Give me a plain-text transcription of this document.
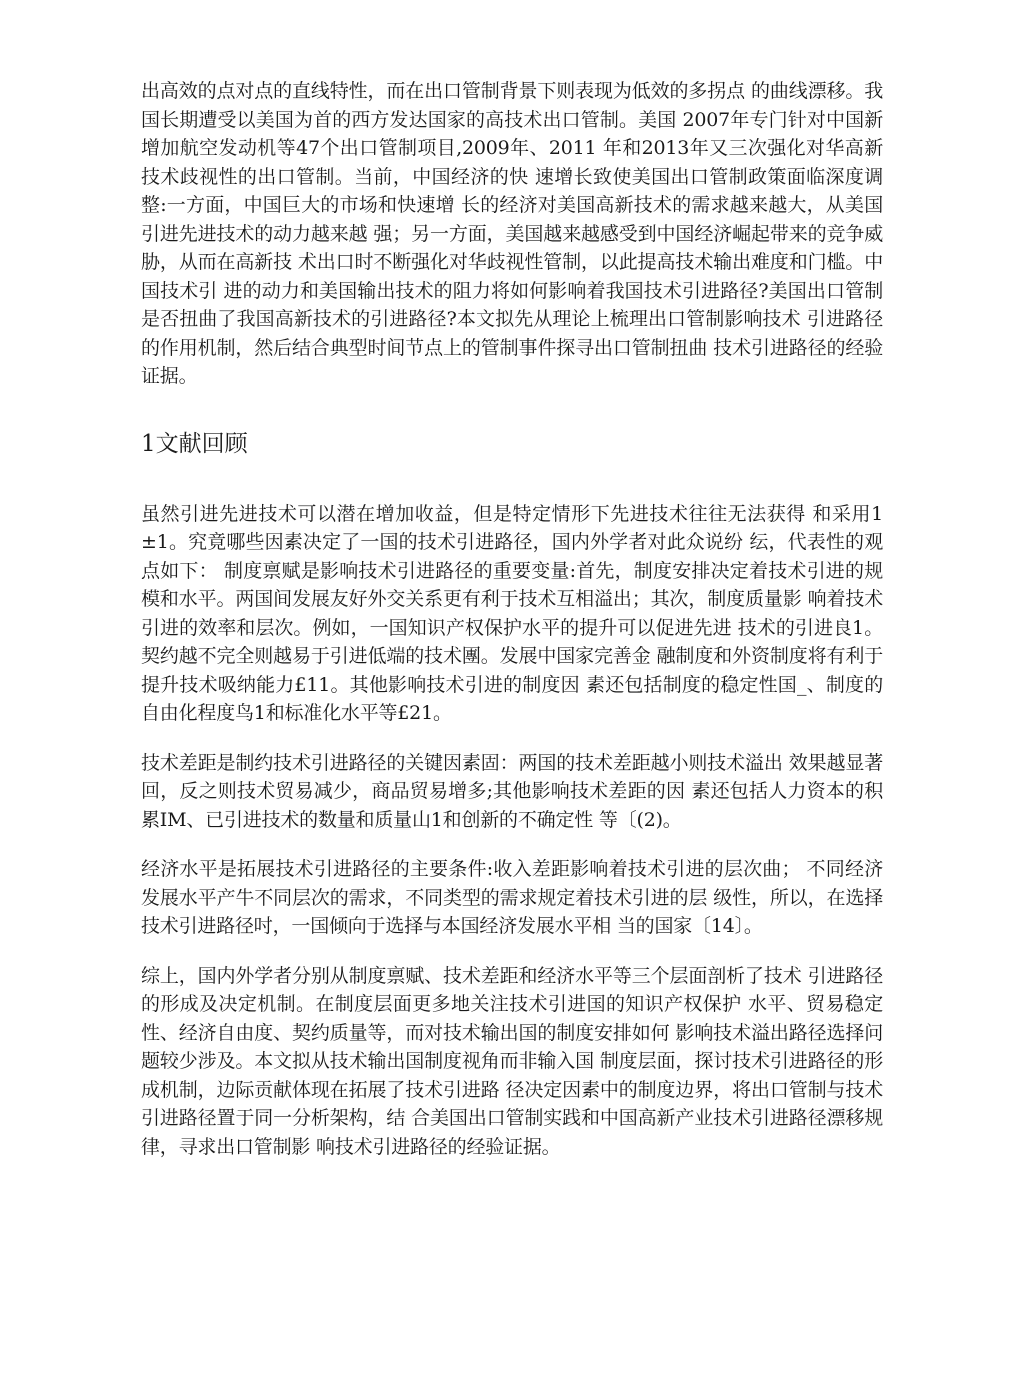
出高效的点对点的直线特性，而在出口管制背景下则表现为低效的多拐点 的曲线漂移。我国长期遭受以美国为首的西方发达国家的高技术出口管制。美国 2007年专门针对中国新增加航空发动机等47个出口管制项目,2009年、2011 年和2013年又三次强化对华高新技术歧视性的出口管制。当前，中国经济的快 速增长致使美国出口管制政策面临深度调整:一方面，中国巨大的市场和快速增 长的经济对美国高新技术的需求越来越大，从美国引进先进技术的动力越来越 强；另一方面，美国越来越感受到中国经济崛起带来的竞争威胁，从而在高新技 术出口时不断强化对华歧视性管制，以此提高技术输出难度和门槛。中国技术引 进的动力和美国输出技术的阻力将如何影响着我国技术引进路径?美国出口管制 是否扭曲了我国高新技术的引进路径?本文拟先从理论上梳理出口管制影响技术 引进路径的作用机制，然后结合典型时间节点上的管制事件探寻出口管制扭曲 技术引进路径的经验证据。

1文献回顾

虽然引进先进技术可以潜在增加收益，但是特定情形下先进技术往往无法获得 和采用1±1。究竟哪些因素决定了一国的技术引进路径，国内外学者对此众说纷 纭，代表性的观点如下： 制度禀赋是影响技术引进路径的重要变量:首先，制度安排决定着技术引进的规 模和水平。两国间发展友好外交关系更有利于技术互相溢出；其次，制度质量影 响着技术引进的效率和层次。例如，一国知识产权保护水平的提升可以促进先进 技术的引进良1。契约越不完全则越易于引进低端的技术團。发展中国家完善金 融制度和外资制度将有利于提升技术吸纳能力£11。其他影响技术引进的制度因 素还包括制度的稳定性国_、制度的自由化程度鸟1和标准化水平等£21。

技术差距是制约技术引进路径的关键因素固：两国的技术差距越小则技术溢出 效果越显著回，反之则技术贸易减少，商品贸易增多;其他影响技术差距的因 素还包括人力资本的积累IM、已引进技术的数量和质量山1和创新的不确定性 等〔(2)。

经济水平是拓展技术引进路径的主要条件:收入差距影响着技术引进的层次曲； 不同经济发展水平产牛不同层次的需求，不同类型的需求规定着技术引进的层 级性，所以，在选择技术引进路径吋，一国倾向于选择与本国经济发展水平相 当的国家〔14〕。

综上，国内外学者分别从制度禀赋、技术差距和经济水平等三个层面剖析了技术 引进路径的形成及决定机制。在制度层面更多地关注技术引进国的知识产权保护 水平、贸易稳定性、经济自由度、契约质量等，而对技术输出国的制度安排如何 影响技术溢出路径选择问题较少涉及。本文拟从技术输出国制度视角而非输入国 制度层面，探讨技术引进路径的形成机制，边际贡献体现在拓展了技术引进路 径决定因素中的制度边界，将出口管制与技术引进路径置于同一分析架构，结 合美国出口管制实践和中国高新产业技术引进路径漂移规律，寻求出口管制影 响技术引进路径的经验证据。
